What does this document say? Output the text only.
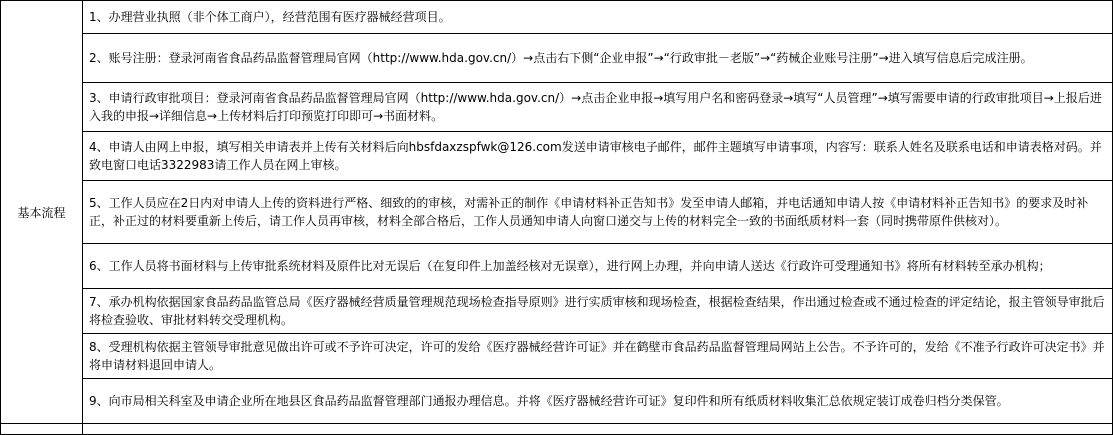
基本流程	1、办理营业执照（非个体工商户），经营范围有医疗器械经营项目。
	2、账号注册：登录河南省食品药品监督管理局官网（http://www.hda.gov.cn/）→点击右下侧“企业申报”→“行政审批－老版”→“药械企业账号注册”→进入填写信息后完成注册。
	3、申请行政审批项目：登录河南省食品药品监督管理局官网（http://www.hda.gov.cn/）→点击企业申报→填写用户名和密码登录→填写“人员管理”→填写需要申请的行政审批项目→上报后进入我的申报→详细信息→上传材料后打印预览打印即可→书面材料。
	4、申请人由网上申报，填写相关申请表并上传有关材料后向hbsfdaxzspfwk@126.com发送申请审核电子邮件，邮件主题填写申请事项，内容写：联系人姓名及联系电话和申请表格对码。并致电窗口电话3322983请工作人员在网上审核。
	5、工作人员应在2日内对申请人上传的资料进行严格、细致的的审核，对需补正的制作《申请材料补正告知书》发至申请人邮箱，并电话通知申请人按《申请材料补正告知书》的要求及时补正，补正过的材料要重新上传后，请工作人员再审核，材料全部合格后，工作人员通知申请人向窗口递交与上传的材料完全一致的书面纸质材料一套（同时携带原件供核对）。
	6、工作人员将书面材料与上传审批系统材料及原件比对无误后（在复印件上加盖经核对无误章），进行网上办理，并向申请人送达《行政许可受理通知书》将所有材料转至承办机构；
	7、承办机构依据国家食品药品监管总局《医疗器械经营质量管理规范现场检查指导原则》进行实质审核和现场检查，根据检查结果，作出通过检查或不通过检查的评定结论，报主管领导审批后将检查验收、审批材料转交受理机构。
	8、受理机构依据主管领导审批意见做出许可或不予许可决定，许可的发给《医疗器械经营许可证》并在鹤壁市食品药品监督管理局网站上公告。不予许可的，发给《不准予行政许可决定书》并将申请材料退回申请人。
	9、向市局相关科室及申请企业所在地县区食品药品监督管理部门通报办理信息。并将《医疗器械经营许可证》复印件和所有纸质材料收集汇总依规定装订成卷归档分类保管。
